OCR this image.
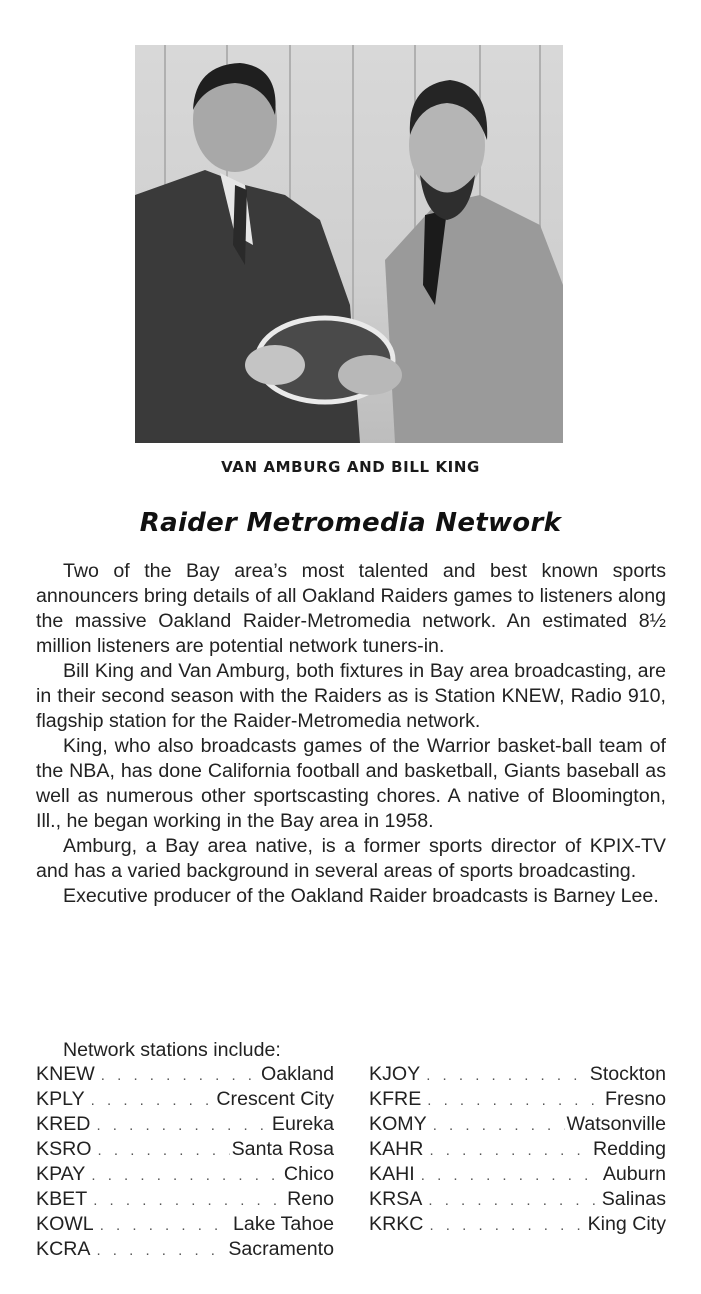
VAN AMBURG AND BILL KING
Raider Metromedia Network

Two of the Bay area’s most talented and best known sports announcers bring details of all Oakland Raiders games to listeners along the massive Oakland Raider-Metromedia network. An estimated 8½ million listeners are potential network tuners-in.

Bill King and Van Amburg, both fixtures in Bay area broadcasting, are in their second season with the Raiders as is Station KNEW, Radio 910, flagship station for the Raider-Metromedia network.

King, who also broadcasts games of the Warrior basket-ball team of the NBA, has done California football and basketball, Giants baseball as well as numerous other sportscasting chores. A native of Bloomington, Ill., he began working in the Bay area in 1958.

Amburg, a Bay area native, is a former sports director of KPIX-TV and has a varied background in several areas of sports broadcasting.

Executive producer of the Oakland Raider broadcasts is Barney Lee.

Network stations include:
KNEW . . .	Oakland
KPLY . . .	Crescent City
KRED . . .	Eureka
KSRO . . .	Santa Rosa
KPAY . . .	Chico
KBET . . .	Reno
KOWL . . .	Lake Tahoe
KCRA . . .	Sacramento
KJOY . . .	Stockton
KFRE . . .	Fresno
KOMY . . .	Watsonville
KAHR . . .	Redding
KAHI . . .	Auburn
KRSA . . .	Salinas
KRKC . . .	King City
